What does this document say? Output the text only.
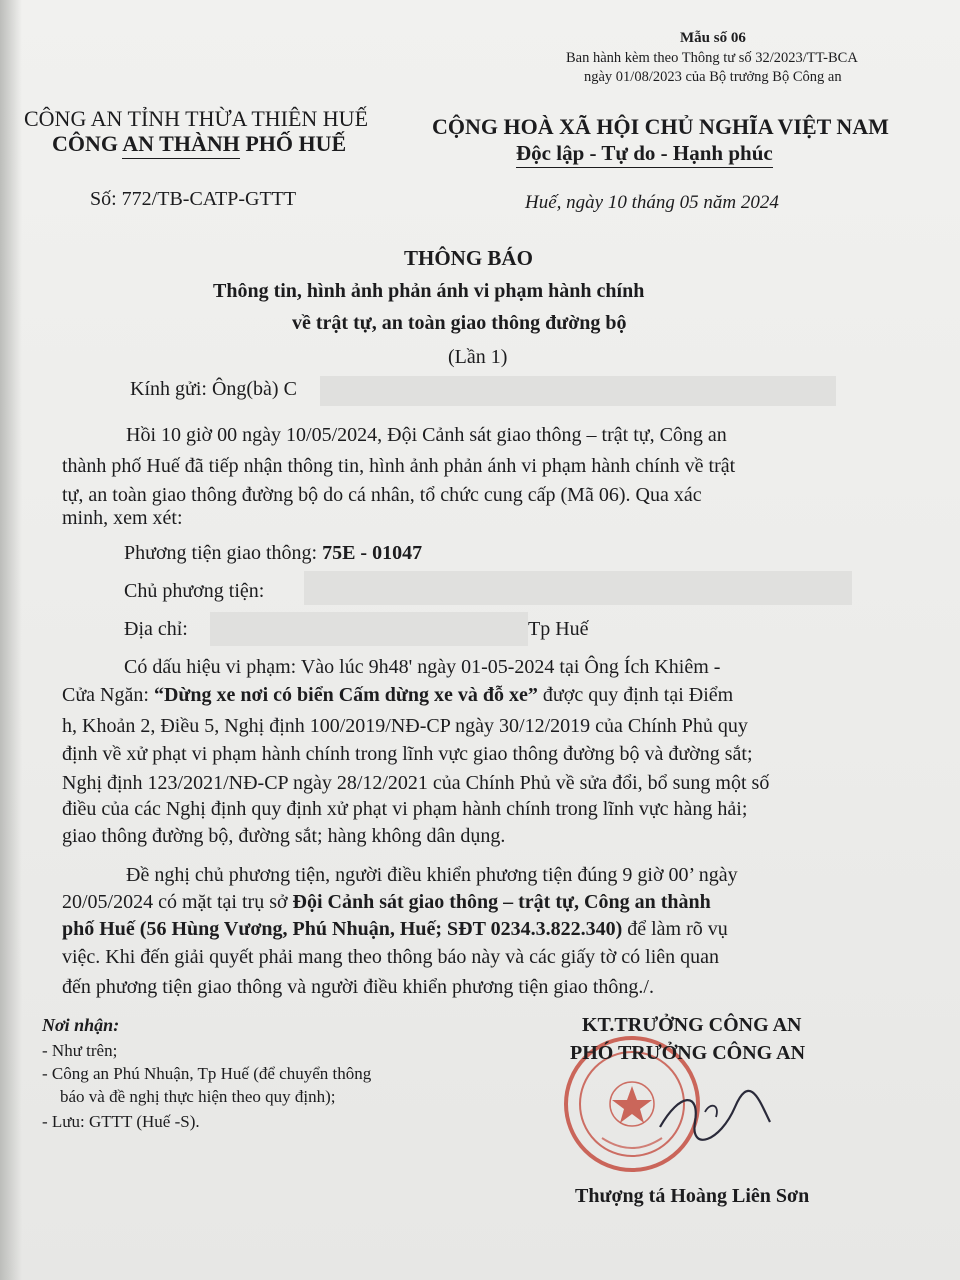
Mẫu số 06
Ban hành kèm theo Thông tư số 32/2023/TT-BCA
ngày 01/08/2023 của Bộ trưởng Bộ Công an
CÔNG AN TỈNH THỪA THIÊN HUẾ
CÔNG AN THÀNH PHỐ HUẾ
CỘNG HOÀ XÃ HỘI CHỦ NGHĨA VIỆT NAM
Độc lập - Tự do - Hạnh phúc
Số: 772/TB-CATP-GTTT	Huế, ngày 10 tháng 05 năm 2024
THÔNG BÁO
Thông tin, hình ảnh phản ánh vi phạm hành chính
về trật tự, an toàn giao thông đường bộ
(Lần 1)
Kính gửi: Ông(bà) C
Hồi 10 giờ 00 ngày 10/05/2024, Đội Cảnh sát giao thông – trật tự, Công an
thành phố Huế đã tiếp nhận thông tin, hình ảnh phản ánh vi phạm hành chính về trật
tự, an toàn giao thông đường bộ do cá nhân, tổ chức cung cấp (Mã 06). Qua xác
minh, xem xét:
Phương tiện giao thông: 75E - 01047
Chủ phương tiện:
Địa chỉ:	Tp Huế
Có dấu hiệu vi phạm: Vào lúc 9h48' ngày 01-05-2024 tại Ông Ích Khiêm -
Cửa Ngăn: “Dừng xe nơi có biển Cấm dừng xe và đỗ xe” được quy định tại Điểm
h, Khoản 2, Điều 5, Nghị định 100/2019/NĐ-CP ngày 30/12/2019 của Chính Phủ quy
định về xử phạt vi phạm hành chính trong lĩnh vực giao thông đường bộ và đường sắt;
Nghị định 123/2021/NĐ-CP ngày 28/12/2021 của Chính Phủ về sửa đổi, bổ sung một số
điều của các Nghị định quy định xử phạt vi phạm hành chính trong lĩnh vực hàng hải;
giao thông đường bộ, đường sắt; hàng không dân dụng.
Đề nghị chủ phương tiện, người điều khiển phương tiện đúng 9 giờ 00’ ngày
20/05/2024 có mặt tại trụ sở Đội Cảnh sát giao thông – trật tự, Công an thành
phố Huế (56 Hùng Vương, Phú Nhuận, Huế; SĐT 0234.3.822.340) để làm rõ vụ
việc. Khi đến giải quyết phải mang theo thông báo này và các giấy tờ có liên quan
đến phương tiện giao thông và người điều khiển phương tiện giao thông./.
Nơi nhận:
- Như trên;
- Công an Phú Nhuận, Tp Huế (để chuyển thông
báo và đề nghị thực hiện theo quy định);
- Lưu: GTTT (Huế -S).
KT.TRƯỞNG CÔNG AN
PHÓ TRƯỞNG CÔNG AN
Thượng tá Hoàng Liên Sơn
